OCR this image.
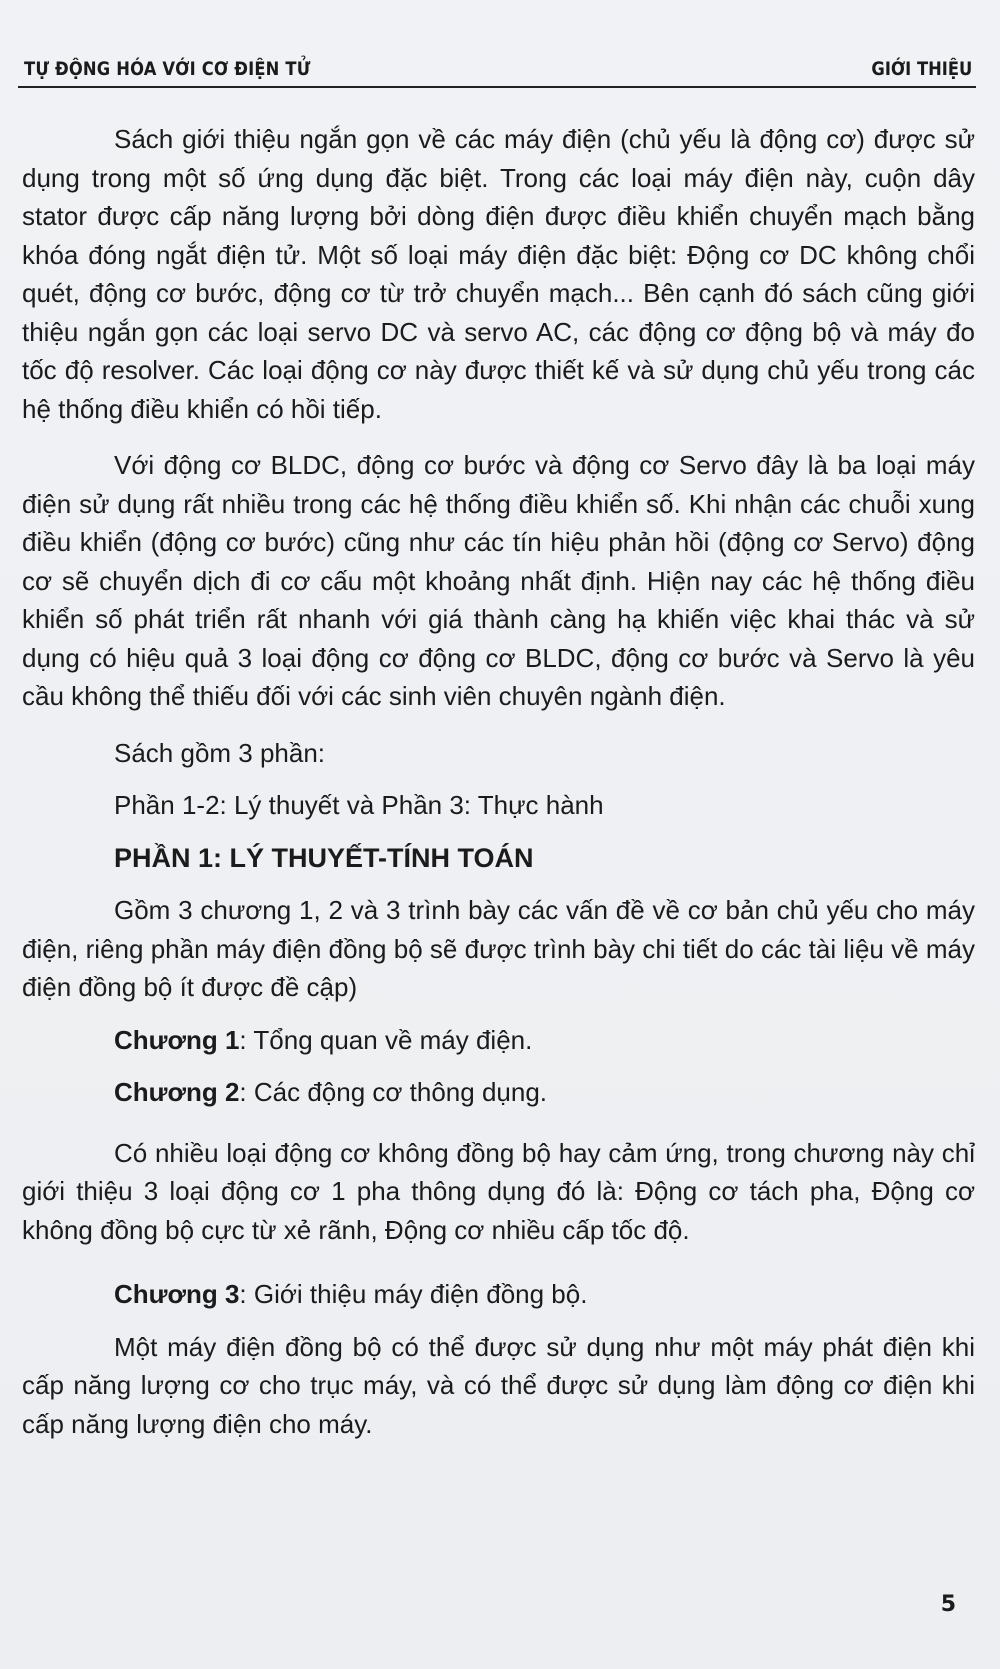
TỰ ĐỘNG HÓA VỚI CƠ ĐIỆN TỬ	GIỚI THIỆU

Sách giới thiệu ngắn gọn về các máy điện (chủ yếu là động cơ) được sử dụng trong một số ứng dụng đặc biệt. Trong các loại máy điện này, cuộn dây stator được cấp năng lượng bởi dòng điện được điều khiển chuyển mạch bằng khóa đóng ngắt điện tử. Một số loại máy điện đặc biệt: Động cơ DC không chổi quét, động cơ bước, động cơ từ trở chuyển mạch... Bên cạnh đó sách cũng giới thiệu ngắn gọn các loại servo DC và servo AC, các động cơ động bộ và máy đo tốc độ resolver. Các loại động cơ này được thiết kế và sử dụng chủ yếu trong các hệ thống điều khiển có hồi tiếp.

Với động cơ BLDC, động cơ bước và động cơ Servo đây là ba loại máy điện sử dụng rất nhiều trong các hệ thống điều khiển số. Khi nhận các chuỗi xung điều khiển (động cơ bước) cũng như các tín hiệu phản hồi (động cơ Servo) động cơ sẽ chuyển dịch đi cơ cấu một khoảng nhất định. Hiện nay các hệ thống điều khiển số phát triển rất nhanh với giá thành càng hạ khiến việc khai thác và sử dụng có hiệu quả 3 loại động cơ động cơ BLDC, động cơ bước và Servo là yêu cầu không thể thiếu đối với các sinh viên chuyên ngành điện.

Sách gồm 3 phần:

Phần 1-2: Lý thuyết và Phần 3: Thực hành

PHẦN 1: LÝ THUYẾT-TÍNH TOÁN

Gồm 3 chương 1, 2 và 3 trình bày các vấn đề về cơ bản chủ yếu cho máy điện, riêng phần máy điện đồng bộ sẽ được trình bày chi tiết do các tài liệu về máy điện đồng bộ ít được đề cập)

Chương 1: Tổng quan về máy điện.

Chương 2: Các động cơ thông dụng.

Có nhiều loại động cơ không đồng bộ hay cảm ứng, trong chương này chỉ giới thiệu 3 loại động cơ 1 pha thông dụng đó là: Động cơ tách pha, Động cơ không đồng bộ cực từ xẻ rãnh, Động cơ nhiều cấp tốc độ.

Chương 3: Giới thiệu máy điện đồng bộ.

Một máy điện đồng bộ có thể được sử dụng như một máy phát điện khi cấp năng lượng cơ cho trục máy, và có thể được sử dụng làm động cơ điện khi cấp năng lượng điện cho máy.

5
